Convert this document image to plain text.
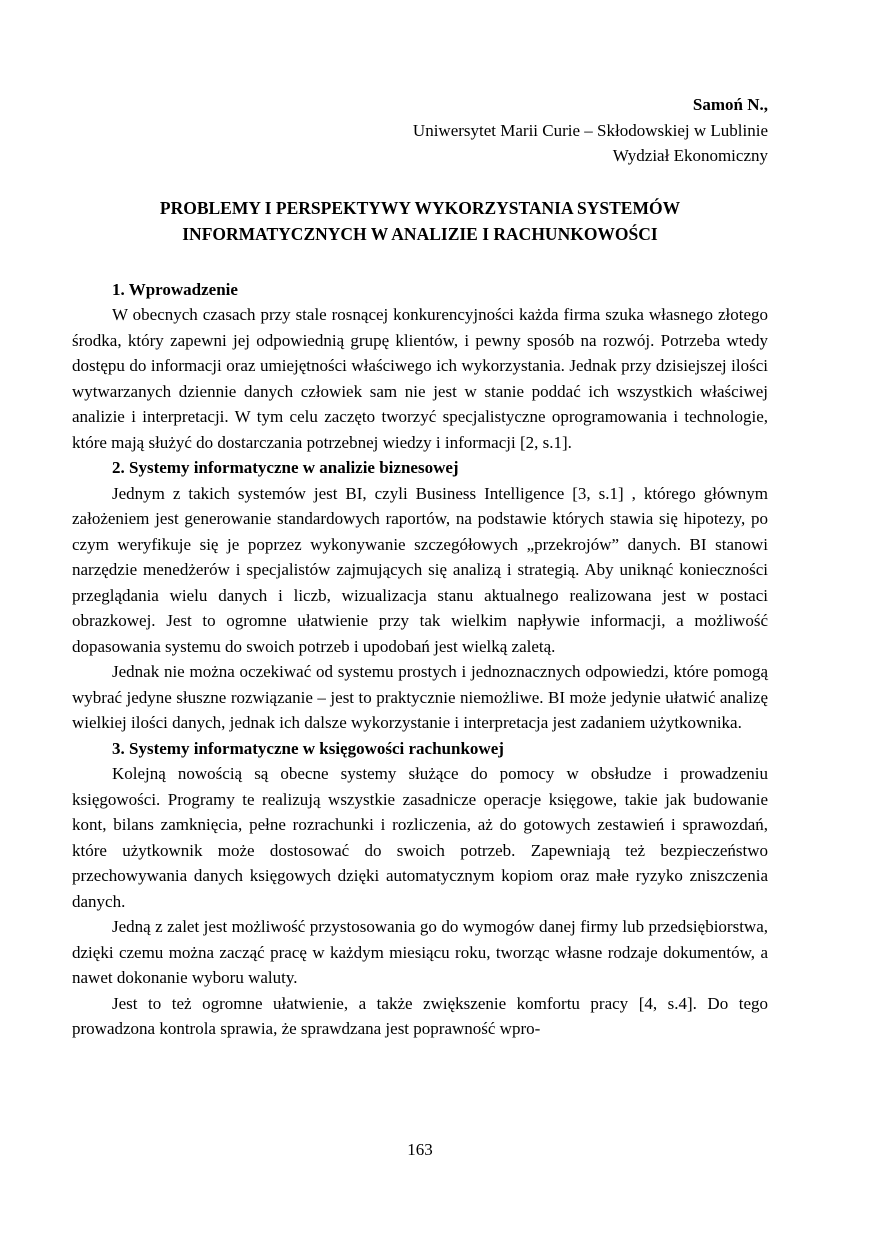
Samoń N.,
Uniwersytet Marii Curie – Skłodowskiej w Lublinie
Wydział Ekonomiczny
PROBLEMY I PERSPEKTYWY WYKORZYSTANIA SYSTEMÓW
INFORMATYCZNYCH W ANALIZIE I RACHUNKOWOŚCI
1. Wprowadzenie

W obecnych czasach przy stale rosnącej konkurencyjności każda firma szuka własnego złotego środka, który zapewni jej odpowiednią grupę klientów, i pewny sposób na rozwój. Potrzeba wtedy dostępu do informacji oraz umiejętności właściwego ich wykorzystania. Jednak przy dzisiejszej ilości wytwarzanych dziennie danych człowiek sam nie jest w stanie poddać ich wszystkich właściwej analizie i interpretacji. W tym celu zaczęto tworzyć specjalistyczne oprogramowania i technologie, które mają służyć do dostarczania potrzebnej wiedzy i informacji [2, s.1].

2. Systemy informatyczne w analizie biznesowej

Jednym z takich systemów jest BI, czyli Business Intelligence [3, s.1] , którego głównym założeniem jest generowanie standardowych raportów, na podstawie których stawia się hipotezy, po czym weryfikuje się je poprzez wykonywanie szczegółowych „przekrojów” danych. BI stanowi narzędzie menedżerów i specjalistów zajmujących się analizą i strategią. Aby uniknąć konieczności przeglądania wielu danych i liczb, wizualizacja stanu aktualnego realizowana jest w postaci obrazkowej. Jest to ogromne ułatwienie przy tak wielkim napływie informacji, a możliwość dopasowania systemu do swoich potrzeb i upodobań jest wielką zaletą.

Jednak nie można oczekiwać od systemu prostych i jednoznacznych odpowiedzi, które pomogą wybrać jedyne słuszne rozwiązanie – jest to praktycznie niemożliwe. BI może jedynie ułatwić analizę wielkiej ilości danych, jednak ich dalsze wykorzystanie i interpretacja jest zadaniem użytkownika.

3. Systemy informatyczne w księgowości rachunkowej

Kolejną nowością są obecne systemy służące do pomocy w obsłudze i prowadzeniu księgowości. Programy te realizują wszystkie zasadnicze operacje księgowe, takie jak budowanie kont, bilans zamknięcia, pełne rozrachunki i rozliczenia, aż do gotowych zestawień i sprawozdań, które użytkownik może dostosować do swoich potrzeb. Zapewniają też bezpieczeństwo przechowywania danych księgowych dzięki automatycznym kopiom oraz małe ryzyko zniszczenia danych.

Jedną z zalet jest możliwość przystosowania go do wymogów danej firmy lub przedsiębiorstwa, dzięki czemu można zacząć pracę w każdym miesiącu roku, tworząc własne rodzaje dokumentów, a nawet dokonanie wyboru waluty.

Jest to też ogromne ułatwienie, a także zwiększenie komfortu pracy [4, s.4]. Do tego prowadzona kontrola sprawia, że sprawdzana jest poprawność wpro-

163
